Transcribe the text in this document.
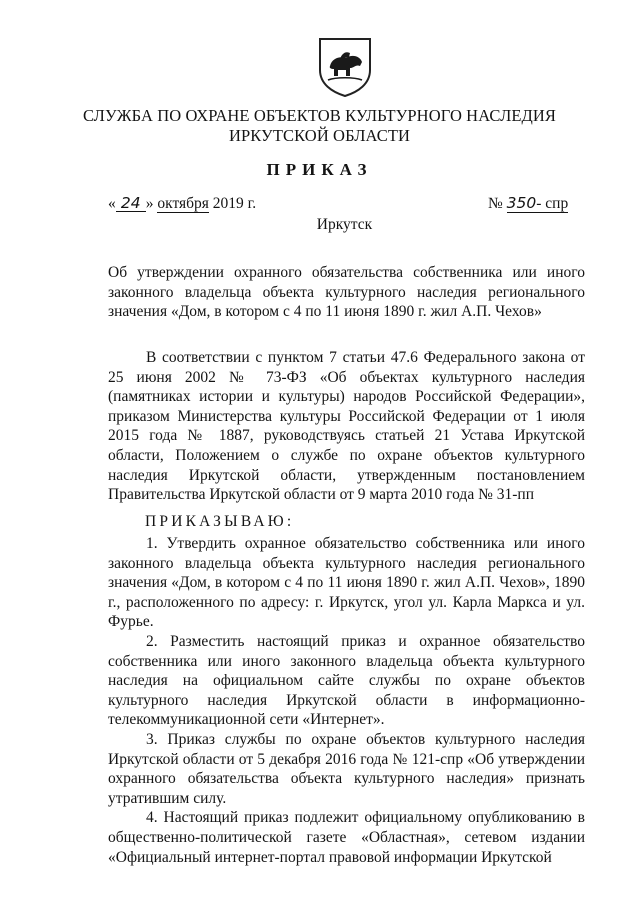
СЛУЖБА ПО ОХРАНЕ ОБЪЕКТОВ КУЛЬТУРНОГО НАСЛЕДИЯ
ИРКУТСКОЙ ОБЛАСТИ
ПРИКАЗ
« 24 » октября 2019 г.	№ 350- спр
Иркутск
Об утверждении охранного обязательства собственника или иного законного владельца объекта культурного наследия регионального значения «Дом, в котором с 4 по 11 июня 1890 г. жил А.П. Чехов»
В соответствии с пунктом 7 статьи 47.6 Федерального закона от 25 июня 2002 № 73-ФЗ «Об объектах культурного наследия (памятниках истории и культуры) народов Российской Федерации», приказом Министерства культуры Российской Федерации от 1 июля 2015 года № 1887, руководствуясь статьей 21 Устава Иркутской области, Положением о службе по охране объектов культурного наследия Иркутской области, утвержденным постановлением Правительства Иркутской области от 9 марта 2010 года № 31-пп
ПРИКАЗЫВАЮ:

1. Утвердить охранное обязательство собственника или иного законного владельца объекта культурного наследия регионального значения «Дом, в котором с 4 по 11 июня 1890 г. жил А.П. Чехов», 1890 г., расположенного по адресу: г. Иркутск, угол ул. Карла Маркса и ул. Фурье.

2. Разместить настоящий приказ и охранное обязательство собственника или иного законного владельца объекта культурного наследия на официальном сайте службы по охране объектов культурного наследия Иркутской области в информационно-телекоммуникационной сети «Интернет».

3. Приказ службы по охране объектов культурного наследия Иркутской области от 5 декабря 2016 года № 121-спр «Об утверждении охранного обязательства объекта культурного наследия» признать утратившим силу.

4. Настоящий приказ подлежит официальному опубликованию в общественно-политической газете «Областная», сетевом издании «Официальный интернет-портал правовой информации Иркутской
